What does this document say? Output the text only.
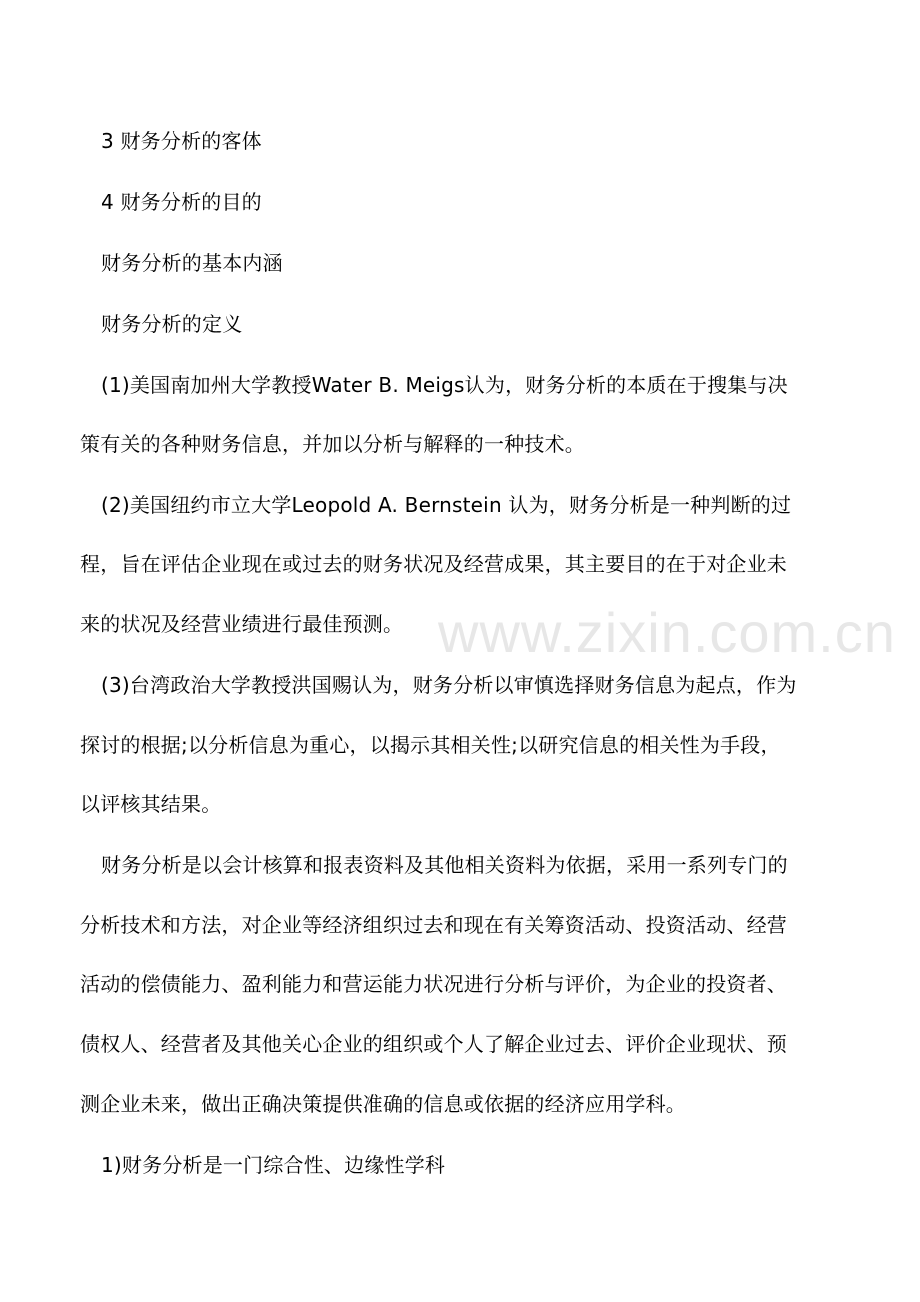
www.zixin.com.cn
3 财务分析的客体
4 财务分析的目的
财务分析的基本内涵
财务分析的定义
(1)美国南加州大学教授Water B. Meigs认为，财务分析的本质在于搜集与决
策有关的各种财务信息，并加以分析与解释的一种技术。
(2)美国纽约市立大学Leopold A. Bernstein 认为，财务分析是一种判断的过
程，旨在评估企业现在或过去的财务状况及经营成果，其主要目的在于对企业未
来的状况及经营业绩进行最佳预测。
(3)台湾政治大学教授洪国赐认为，财务分析以审慎选择财务信息为起点，作为
探讨的根据;以分析信息为重心，以揭示其相关性;以研究信息的相关性为手段，
以评核其结果。
财务分析是以会计核算和报表资料及其他相关资料为依据，采用一系列专门的
分析技术和方法，对企业等经济组织过去和现在有关筹资活动、投资活动、经营
活动的偿债能力、盈利能力和营运能力状况进行分析与评价，为企业的投资者、
债权人、经营者及其他关心企业的组织或个人了解企业过去、评价企业现状、预
测企业未来，做出正确决策提供准确的信息或依据的经济应用学科。
1)财务分析是一门综合性、边缘性学科
